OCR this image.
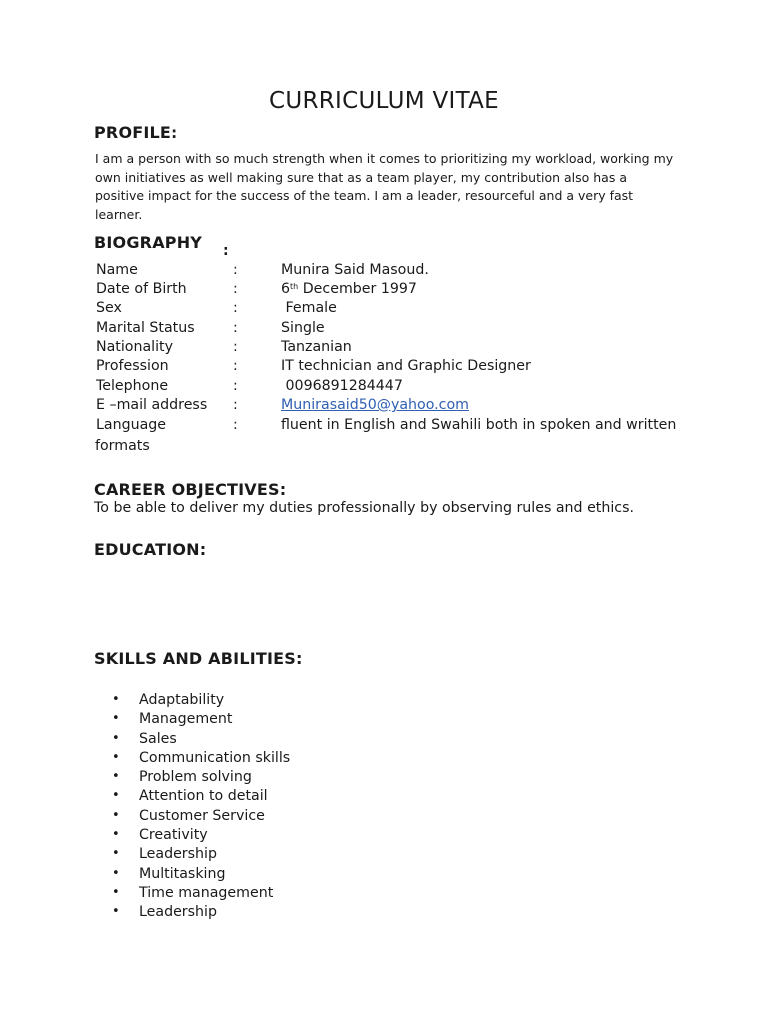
CURRICULUM VITAE
PROFILE:
I am a person with so much strength when it comes to prioritizing my workload, working my own initiatives as well making sure that as a team player, my contribution also has a positive impact for the success of the team. I am a leader, resourceful and a very fast learner.
BIOGRAPHY :
Name	:	Munira Said Masoud.
Date of Birth	:	6th December 1997
Sex	:	Female
Marital Status	:	Single
Nationality	:	Tanzanian
Profession	:	IT technician and Graphic Designer
Telephone	:	0096891284447
E –mail address :	Munirasaid50@yahoo.com
Language	:	fluent in English and Swahili both in spoken and written
formats
CAREER OBJECTIVES:
To be able to deliver my duties professionally by observing rules and ethics.
EDUCATION:
SKILLS AND ABILITIES:
• Adaptability
• Management
• Sales
• Communication skills
• Problem solving
• Attention to detail
• Customer Service
• Creativity
• Leadership
• Multitasking
• Time management
• Leadership
